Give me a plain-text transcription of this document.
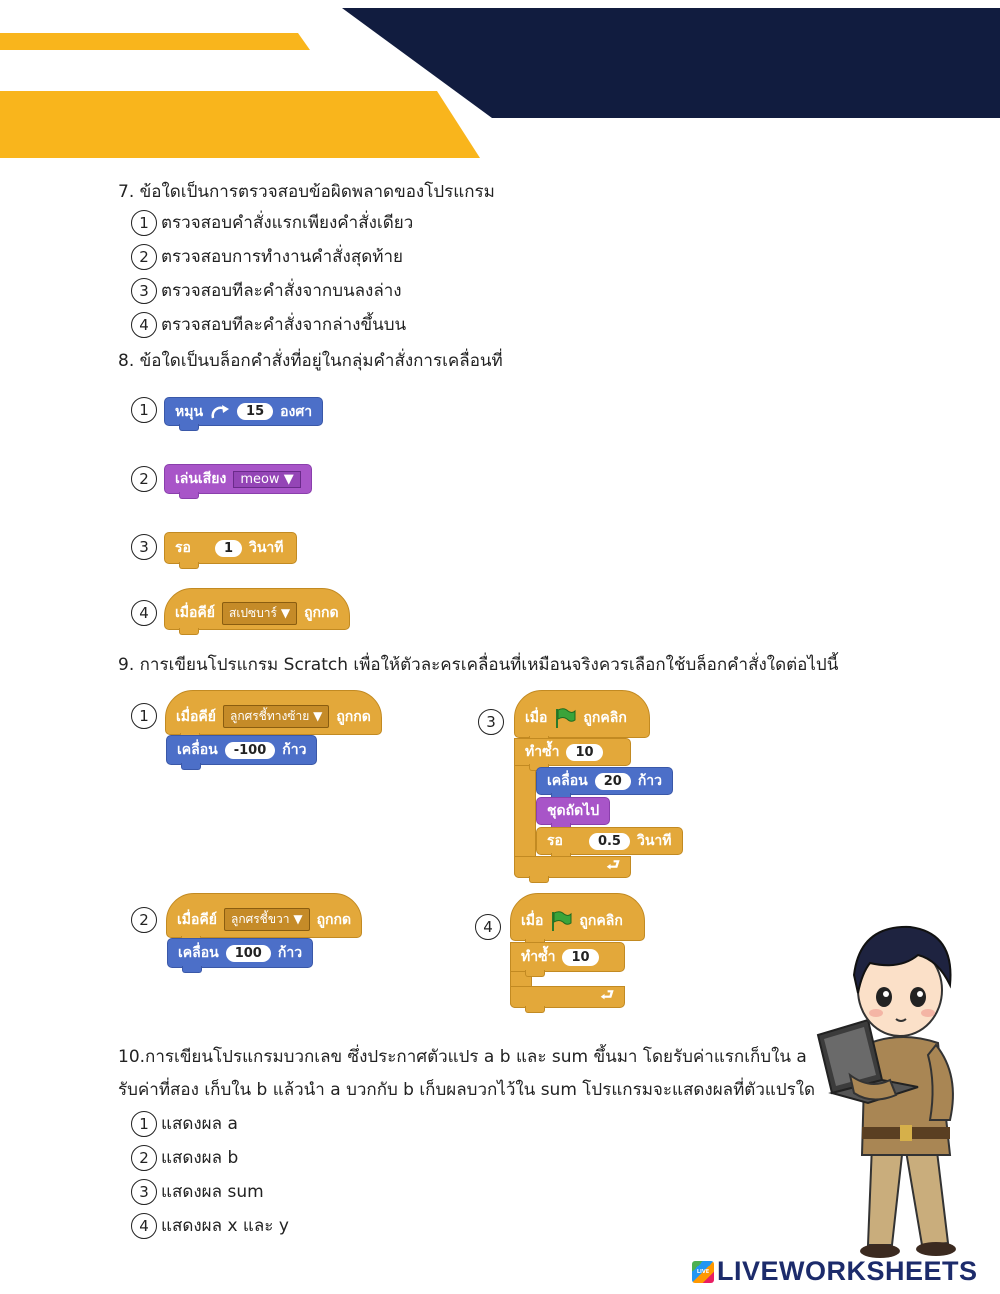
7. ข้อใดเป็นการตรวจสอบข้อผิดพลาดของโปรแกรม
1 ตรวจสอบคำสั่งแรกเพียงคำสั่งเดียว
2 ตรวจสอบการทำงานคำสั่งสุดท้าย
3 ตรวจสอบทีละคำสั่งจากบนลงล่าง
4 ตรวจสอบทีละคำสั่งจากล่างขึ้นบน
8. ข้อใดเป็นบล็อกคำสั่งที่อยู่ในกลุ่มคำสั่งการเคลื่อนที่
1	หมุน	15	องศา
2	เล่นเสียง	meow ▼
3	รอ	1	วินาที
4	เมื่อคีย์	สเปซบาร์ ▼	ถูกกด
9. การเขียนโปรแกรม Scratch เพื่อให้ตัวละครเคลื่อนที่เหมือนจริงควรเลือกใช้บล็อกคำสั่งใดต่อไปนี้
1	เมื่อคีย์	ลูกศรชี้ทางซ้าย ▼	ถูกกด
เคลื่อน	-100	ก้าว
2	เมื่อคีย์	ลูกศรชี้ขวา ▼	ถูกกด
เคลื่อน	100	ก้าว
3	เมื่อ	ถูกคลิก
ทำซ้ำ	10
เคลื่อน	20	ก้าว
ชุดถัดไป
รอ	0.5	วินาที
⮐
4	เมื่อ	ถูกคลิก
ทำซ้ำ	10
⮐
10.การเขียนโปรแกรมบวกเลข ซึ่งประกาศตัวแปร a b และ sum ขึ้นมา โดยรับค่าแรกเก็บใน a
รับค่าที่สอง เก็บใน b แล้วนำ a บวกกับ b เก็บผลบวกไว้ใน sum โปรแกรมจะแสดงผลที่ตัวแปรใด
1 แสดงผล a
2 แสดงผล b
3 แสดงผล sum
4 แสดงผล x และ y
LIVE LIVEWORKSHEETS
